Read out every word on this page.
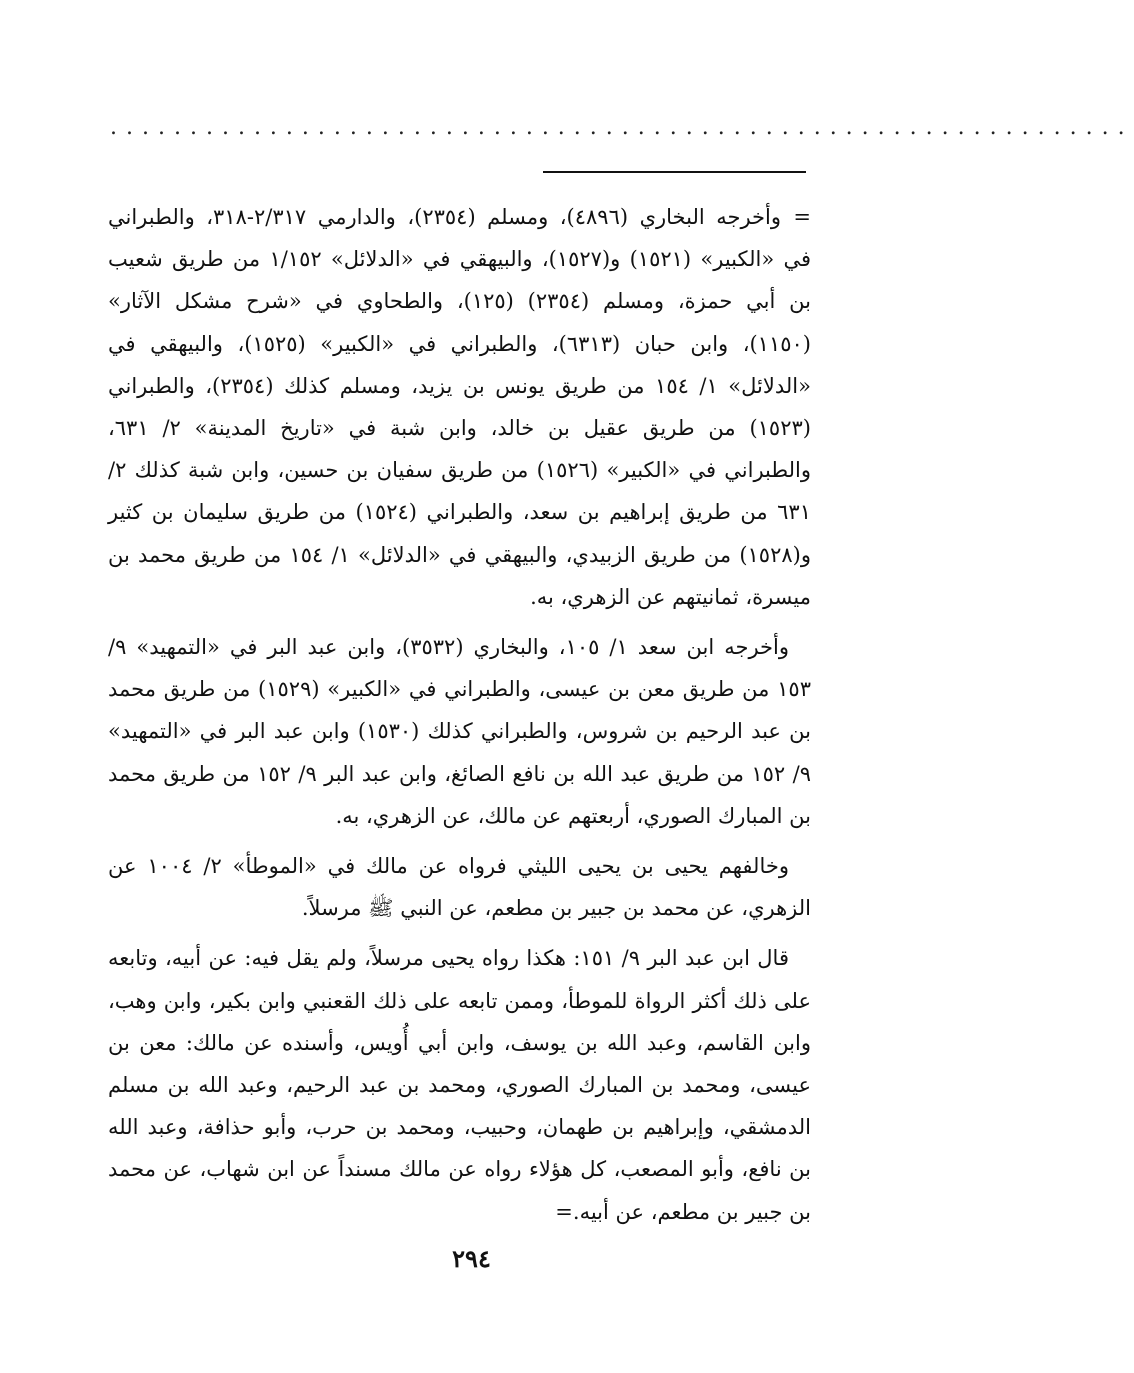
................................................................

=وأخرجه البخاري (٤٨٩٦)، ومسلم (٢٣٥٤)، والدارمي ٢/٣١٧-٣١٨، والطبراني في «الكبير» (١٥٢١) و(١٥٢٧)، والبيهقي في «الدلائل» ١/١٥٢ من طريق شعيب بن أبي حمزة، ومسلم (٢٣٥٤) (١٢٥)، والطحاوي في «شرح مشكل الآثار» (١١٥٠)، وابن حبان (٦٣١٣)، والطبراني في «الكبير» (١٥٢٥)، والبيهقي في «الدلائل» ١/ ١٥٤ من طريق يونس بن يزيد، ومسلم كذلك (٢٣٥٤)، والطبراني (١٥٢٣) من طريق عقيل بن خالد، وابن شبة في «تاريخ المدينة» ٢/ ٦٣١، والطبراني في «الكبير» (١٥٢٦) من طريق سفيان بن حسين، وابن شبة كذلك ٢/ ٦٣١ من طريق إبراهيم بن سعد، والطبراني (١٥٢٤) من طريق سليمان بن كثير و(١٥٢٨) من طريق الزبيدي، والبيهقي في «الدلائل» ١/ ١٥٤ من طريق محمد بن ميسرة، ثمانيتهم عن الزهري، به.

وأخرجه ابن سعد ١/ ١٠٥، والبخاري (٣٥٣٢)، وابن عبد البر في «التمهيد» ٩/ ١٥٣ من طريق معن بن عيسى، والطبراني في «الكبير» (١٥٢٩) من طريق محمد بن عبد الرحيم بن شروس، والطبراني كذلك (١٥٣٠) وابن عبد البر في «التمهيد» ٩/ ١٥٢ من طريق عبد الله بن نافع الصائغ، وابن عبد البر ٩/ ١٥٢ من طريق محمد بن المبارك الصوري، أربعتهم عن مالك، عن الزهري، به.

وخالفهم يحيى بن يحيى الليثي فرواه عن مالك في «الموطأ» ٢/ ١٠٠٤ عن الزهري، عن محمد بن جبير بن مطعم، عن النبي ﷺ مرسلاً.

قال ابن عبد البر ٩/ ١٥١: هكذا رواه يحيى مرسلاً، ولم يقل فيه: عن أبيه، وتابعه على ذلك أكثر الرواة للموطأ، وممن تابعه على ذلك القعنبي وابن بكير، وابن وهب، وابن القاسم، وعبد الله بن يوسف، وابن أبي أُويس، وأسنده عن مالك: معن بن عيسى، ومحمد بن المبارك الصوري، ومحمد بن عبد الرحيم، وعبد الله بن مسلم الدمشقي، وإبراهيم بن طهمان، وحبيب، ومحمد بن حرب، وأبو حذافة، وعبد الله بن نافع، وأبو المصعب، كل هؤلاء رواه عن مالك مسنداً عن ابن شهاب، عن محمد بن جبير بن مطعم، عن أبيه.=

٢٩٤
